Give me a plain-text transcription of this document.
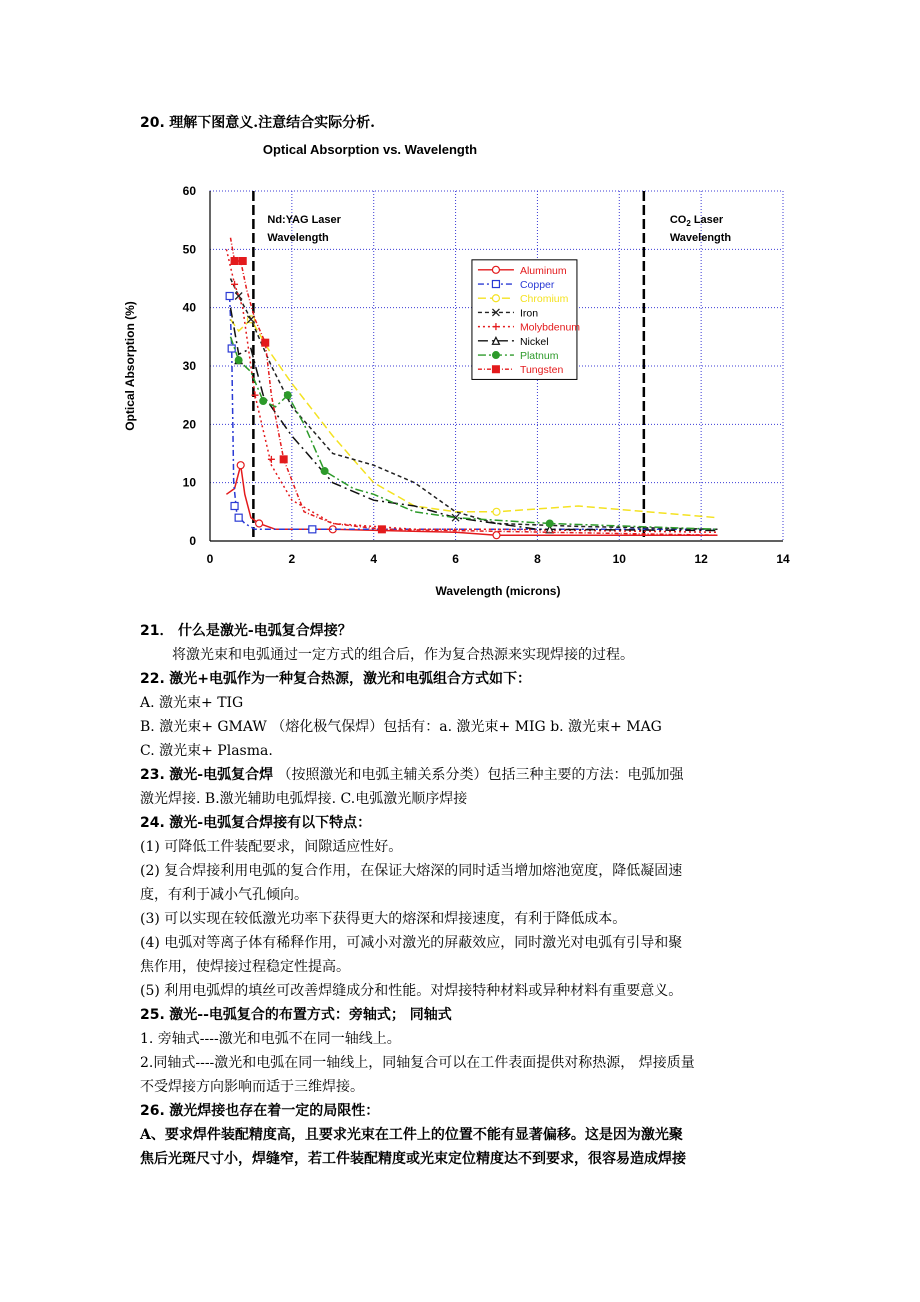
20. 理解下图意义.注意结合实际分析.
Optical Absorption vs. Wavelength
Wavelength (microns)
Optical Absorption (%)
0	2	4	6	8	10	12	14
0
10
20
30
40
50
60
Nd:YAG Laser
Wavelength
$CO_2$ Laser
Wavelength
Aluminum
Copper
Chromium
Iron
Molybdenum
Nickel
Platnum
Tungsten
21． 什么是激光-电弧复合焊接？
将激光束和电弧通过一定方式的组合后，作为复合热源来实现焊接的过程。
22. 激光+电弧作为一种复合热源，激光和电弧组合方式如下：
A. 激光束+ TIG
B. 激光束+ GMAW （熔化极气保焊）包括有：a. 激光束+ MIG b. 激光束+ MAG
C. 激光束+ Plasma.
23. 激光-电弧复合焊 （按照激光和电弧主辅关系分类）包括三种主要的方法：电弧加强
激光焊接. B.激光辅助电弧焊接. C.电弧激光顺序焊接
24. 激光-电弧复合焊接有以下特点：
(1) 可降低工件装配要求，间隙适应性好。
(2) 复合焊接利用电弧的复合作用，在保证大熔深的同时适当增加熔池宽度，降低凝固速
度，有利于减小气孔倾向。
(3) 可以实现在较低激光功率下获得更大的熔深和焊接速度，有利于降低成本。
(4) 电弧对等离子体有稀释作用，可减小对激光的屏蔽效应，同时激光对电弧有引导和聚
焦作用，使焊接过程稳定性提高。
(5) 利用电弧焊的填丝可改善焊缝成分和性能。对焊接特种材料或异种材料有重要意义。
25. 激光--电弧复合的布置方式：旁轴式； 同轴式
1. 旁轴式----激光和电弧不在同一轴线上。
2.同轴式----激光和电弧在同一轴线上，同轴复合可以在工件表面提供对称热源， 焊接质量
不受焊接方向影响而适于三维焊接。
26. 激光焊接也存在着一定的局限性：
A、要求焊件装配精度高，且要求光束在工件上的位置不能有显著偏移。这是因为激光聚
焦后光斑尺寸小，焊缝窄，若工件装配精度或光束定位精度达不到要求，很容易造成焊接
